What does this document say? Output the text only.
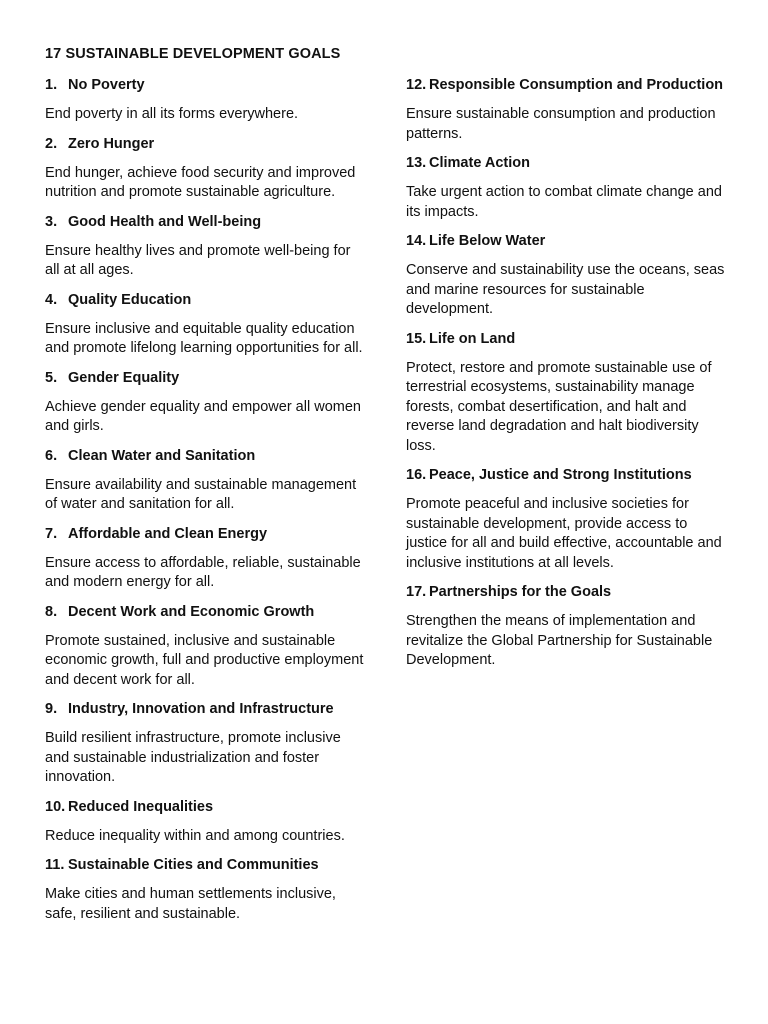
17 SUSTAINABLE DEVELOPMENT GOALS
1. No Poverty

End poverty in all its forms everywhere.

2. Zero Hunger

End hunger, achieve food security and improved nutrition and promote sustainable agriculture.

3. Good Health and Well-being

Ensure healthy lives and promote well-being for all at all ages.

4. Quality Education

Ensure inclusive and equitable quality education and promote lifelong learning opportunities for all.

5. Gender Equality

Achieve gender equality and empower all women and girls.

6. Clean Water and Sanitation

Ensure availability and sustainable management of water and sanitation for all.

7. Affordable and Clean Energy

Ensure access to affordable, reliable, sustainable and modern energy for all.

8. Decent Work and Economic Growth

Promote sustained, inclusive and sustainable economic growth, full and productive employment and decent work for all.

9. Industry, Innovation and Infrastructure

Build resilient infrastructure, promote inclusive and sustainable industrialization and foster innovation.

10. Reduced Inequalities

Reduce inequality within and among countries.

11. Sustainable Cities and Communities

Make cities and human settlements inclusive, safe, resilient and sustainable.

12. Responsible Consumption and Production

Ensure sustainable consumption and production patterns.

13. Climate Action

Take urgent action to combat climate change and its impacts.

14. Life Below Water

Conserve and sustainability use the oceans, seas and marine resources for sustainable development.

15. Life on Land

Protect, restore and promote sustainable use of terrestrial ecosystems, sustainability manage forests, combat desertification, and halt and reverse land degradation and halt biodiversity loss.

16. Peace, Justice and Strong Institutions

Promote peaceful and inclusive societies for sustainable development, provide access to justice for all and build effective, accountable and inclusive institutions at all levels.

17. Partnerships for the Goals

Strengthen the means of implementation and revitalize the Global Partnership for Sustainable Development.
